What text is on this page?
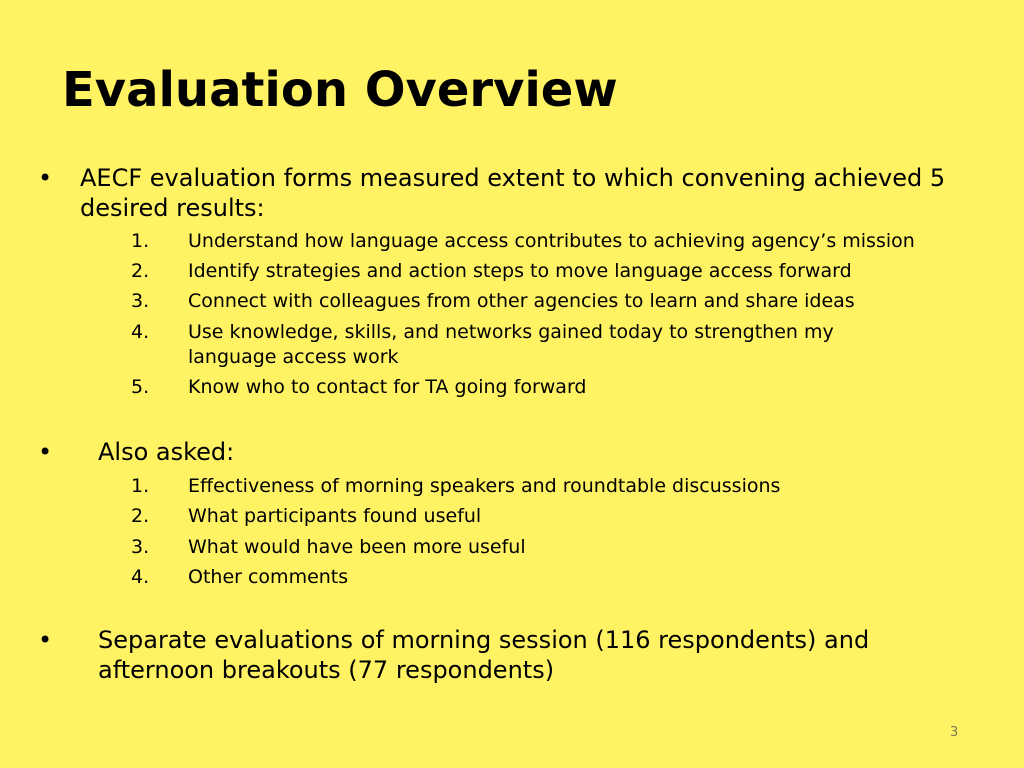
Evaluation Overview
• AECF evaluation forms measured extent to which convening achieved 5 desired results:
1. Understand how language access contributes to achieving agency’s mission
2. Identify strategies and action steps to move language access forward
3. Connect with colleagues from other agencies to learn and share ideas
4. Use knowledge, skills, and networks gained today to strengthen my language access work
5. Know who to contact for TA going forward
• Also asked:
1. Effectiveness of morning speakers and roundtable discussions
2. What participants found useful
3. What would have been more useful
4. Other comments
• Separate evaluations of morning session (116 respondents) and afternoon breakouts (77 respondents)
3
